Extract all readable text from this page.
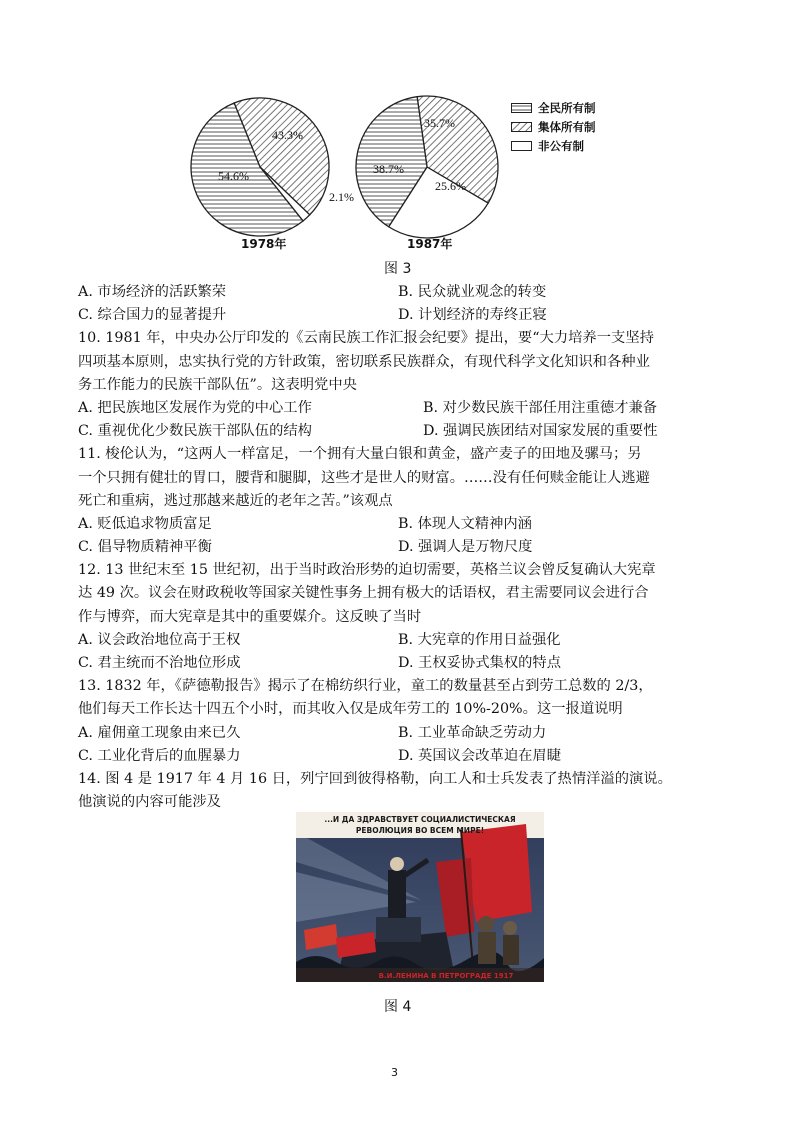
54.6%
43.3%
2.1%
1978年
38.7%
35.7%
25.6%
1987年
全民所有制
集体所有制
非公有制
图 3
A. 市场经济的活跃繁荣	B. 民众就业观念的转变
C. 综合国力的显著提升	D. 计划经济的寿终正寝
10. 1981 年，中央办公厅印发的《云南民族工作汇报会纪要》提出，要“大力培养一支坚持
四项基本原则，忠实执行党的方针政策，密切联系民族群众，有现代科学文化知识和各种业
务工作能力的民族干部队伍”。这表明党中央
A. 把民族地区发展作为党的中心工作	B. 对少数民族干部任用注重德才兼备
C. 重视优化少数民族干部队伍的结构	D. 强调民族团结对国家发展的重要性
11. 梭伦认为，“这两人一样富足，一个拥有大量白银和黄金，盛产麦子的田地及骡马；另
一个只拥有健壮的胃口，腰背和腿脚，这些才是世人的财富。……没有任何赎金能让人逃避
死亡和重病，逃过那越来越近的老年之苦。”该观点
A. 贬低追求物质富足	B. 体现人文精神内涵
C. 倡导物质精神平衡	D. 强调人是万物尺度
12. 13 世纪末至 15 世纪初，出于当时政治形势的迫切需要，英格兰议会曾反复确认大宪章
达 49 次。议会在财政税收等国家关键性事务上拥有极大的话语权，君主需要同议会进行合
作与博弈，而大宪章是其中的重要媒介。这反映了当时
A. 议会政治地位高于王权	B. 大宪章的作用日益强化
C. 君主统而不治地位形成	D. 王权妥协式集权的特点
13. 1832 年，《萨德勒报告》揭示了在棉纺织行业，童工的数量甚至占到劳工总数的 2/3，
他们每天工作长达十四五个小时，而其收入仅是成年劳工的 10%-20%。这一报道说明
A. 雇佣童工现象由来已久	B. 工业革命缺乏劳动力
C. 工业化背后的血腥暴力	D. 英国议会改革迫在眉睫
14. 图 4 是 1917 年 4 月 16 日，列宁回到彼得格勒，向工人和士兵发表了热情洋溢的演说。
他演说的内容可能涉及
...И ДА ЗДРАВСТВУЕТ СОЦИАЛИСТИЧЕСКАЯ
РЕВОЛЮЦИЯ ВО ВСЕМ МИРЕ!
В.И.ЛЕНИНА В ПЕТРОГРАДЕ 1917
图 4
3
